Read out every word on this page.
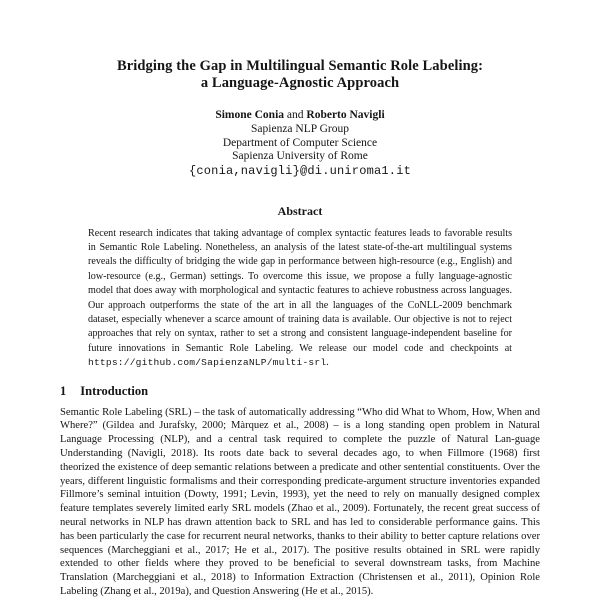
Bridging the Gap in Multilingual Semantic Role Labeling:
a Language-Agnostic Approach
Simone Conia and Roberto Navigli
Sapienza NLP Group
Department of Computer Science
Sapienza University of Rome
{conia,navigli}@di.uniroma1.it
Abstract

Recent research indicates that taking advantage of complex syntactic features leads to favorable results in Semantic Role Labeling. Nonetheless, an analysis of the latest state-of-the-art multilingual systems reveals the difficulty of bridging the wide gap in performance between high-resource (e.g., English) and low-resource (e.g., German) settings. To overcome this issue, we propose a fully language-agnostic model that does away with morphological and syntactic features to achieve robustness across languages. Our approach outperforms the state of the art in all the languages of the CoNLL-2009 benchmark dataset, especially whenever a scarce amount of training data is available. Our objective is not to reject approaches that rely on syntax, rather to set a strong and consistent language-independent baseline for future innovations in Semantic Role Labeling. We release our model code and checkpoints at https://github.com/SapienzaNLP/multi-srl.

1 Introduction

Semantic Role Labeling (SRL) – the task of automatically addressing “Who did What to Whom, How, When and Where?” (Gildea and Jurafsky, 2000; Màrquez et al., 2008) – is a long standing open problem in Natural Language Processing (NLP), and a central task required to complete the puzzle of Natural Lan-guage Understanding (Navigli, 2018). Its roots date back to several decades ago, to when Fillmore (1968) first theorized the existence of deep semantic relations between a predicate and other sentential constituents. Over the years, different linguistic formalisms and their corresponding predicate-argument structure inventories expanded Fillmore’s seminal intuition (Dowty, 1991; Levin, 1993), yet the need to rely on manually designed complex feature templates severely limited early SRL models (Zhao et al., 2009). Fortunately, the recent great success of neural networks in NLP has drawn attention back to SRL and has led to considerable performance gains. This has been particularly the case for recurrent neural networks, thanks to their ability to better capture relations over sequences (Marcheggiani et al., 2017; He et al., 2017). The positive results obtained in SRL were rapidly extended to other fields where they proved to be beneficial to several downstream tasks, from Machine Translation (Marcheggiani et al., 2018) to Information Extraction (Christensen et al., 2011), Opinion Role Labeling (Zhang et al., 2019a), and Question Answering (He et al., 2015).
